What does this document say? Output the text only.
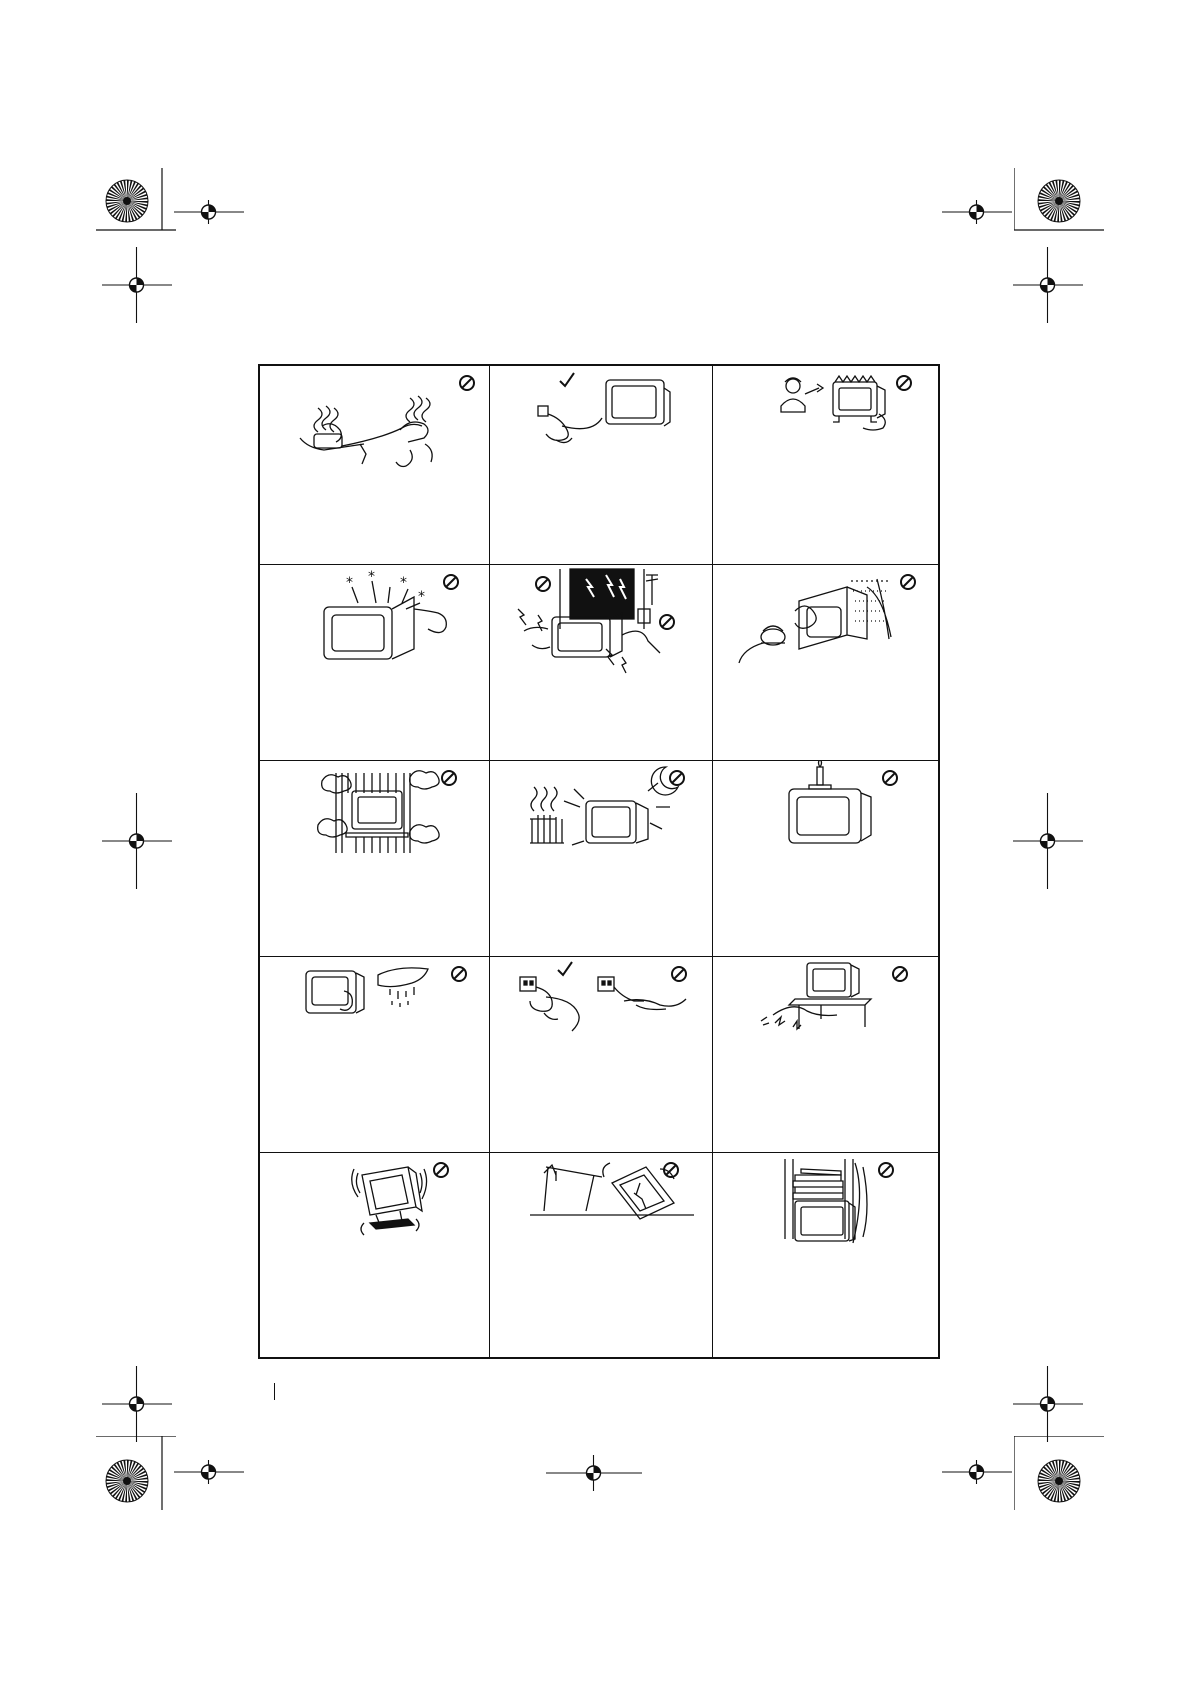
* * *
*
